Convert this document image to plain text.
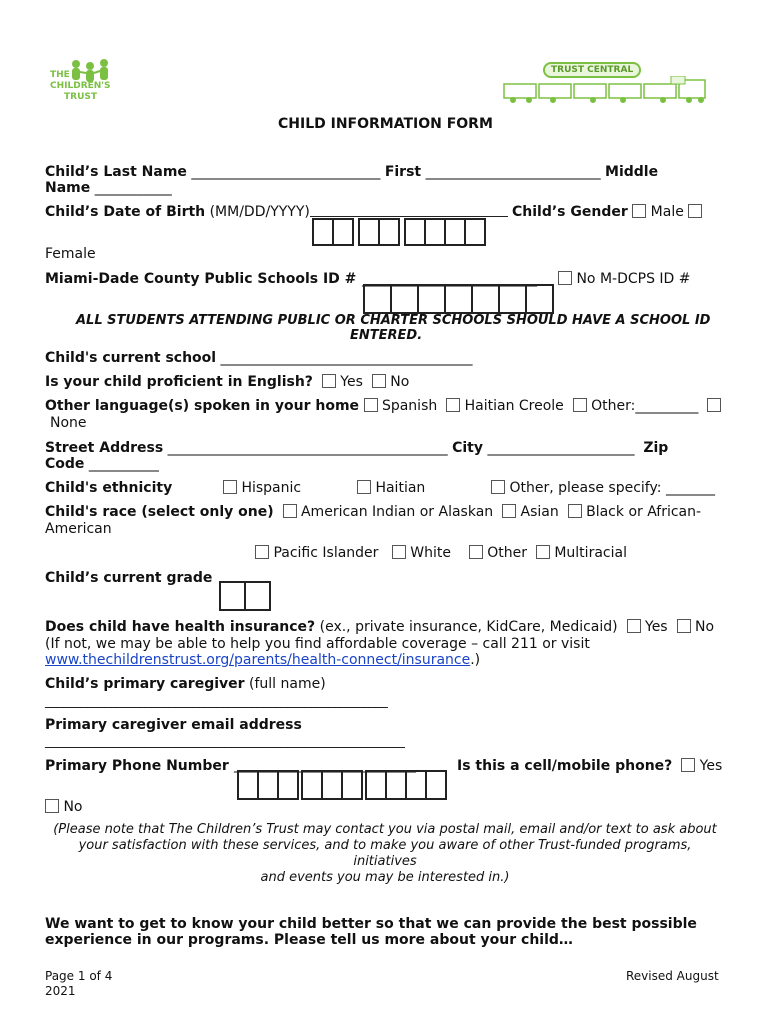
THE
CHILDREN'S
TRUST
TRUST CENTRAL
CHILD INFORMATION FORM
Child’s Last Name ___________________________ First _________________________ Middle
Name ___________
Child’s Date of Birth (MM/DD/YYYY)	Child’s Gender Male
Female
Miami-Dade County Public Schools ID # _________________________	No M-DCPS ID #
ALL STUDENTS ATTENDING PUBLIC OR CHARTER SCHOOLS SHOULD HAVE A SCHOOL ID
ENTERED.
Child's current school ____________________________________
Is your child proficient in English? Yes No
Other language(s) spoken in your home Spanish Haitian Creole Other:_________
None
Street Address ________________________________________ City _____________________ Zip
Code __________
Child's ethnicity	Hispanic	Haitian	Other, please specify: _______
Child's race (select only one) American Indian or Alaskan Asian Black or African-
American
Pacific Islander White	Other Multiracial
Child’s current grade
Does child have health insurance? (ex., private insurance, KidCare, Medicaid) Yes No
(If not, we may be able to help you find affordable coverage – call 211 or visit
www.thechildrenstrust.org/parents/health-connect/insurance.)
Child’s primary caregiver (full name)
__________________________________________________________
Primary caregiver email address
__________________________________________________________
Primary Phone Number __________________________	Is this a cell/mobile phone? Yes
No
(Please note that The Children’s Trust may contact you via postal mail, email and/or text to ask about
your satisfaction with these services, and to make you aware of other Trust-funded programs, initiatives
and events you may be interested in.)
We want to get to know your child better so that we can provide the best possible
experience in our programs. Please tell us more about your child…
Page 1 of 4
2021
Revised August
